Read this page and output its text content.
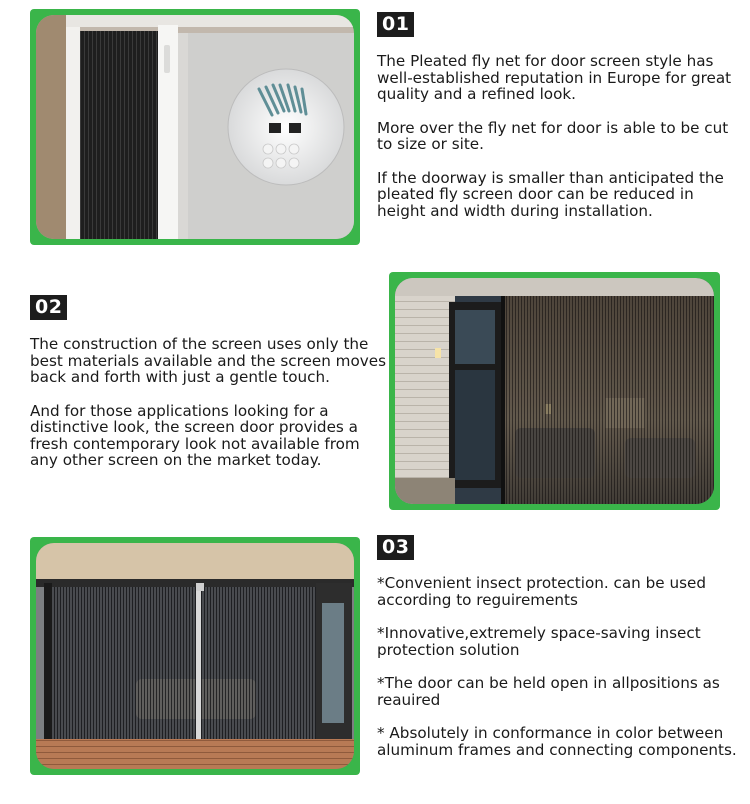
01

The Pleated fly net for door screen style has well-established reputation in Europe for great quality and a refined look.

More over the fly net for door is able to be cut to size or site.

If the doorway is smaller than anticipated the pleated fly screen door can be reduced in height and width during installation.

02

The construction of the screen uses only the best materials available and the screen moves back and forth with just a gentle touch.

And for those applications looking for a distinctive look, the screen door provides a fresh contemporary look not available from any other screen on the market today.

03

*Convenient insect protection. can be used according to reguirements

*Innovative,extremely space-saving insect protection solution

*The door can be held open in allpositions as reauired

* Absolutely in conformance in color between aluminum frames and connecting components.
